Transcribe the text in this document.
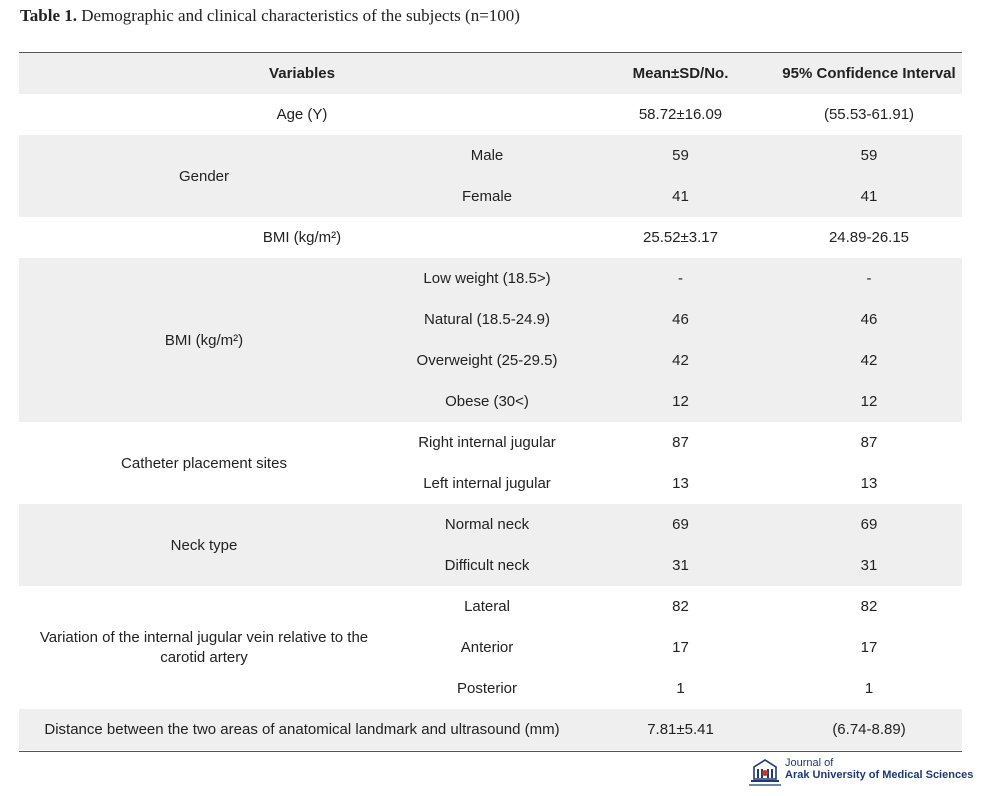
Table 1. Demographic and clinical characteristics of the subjects (n=100)
Variables		Mean±SD/No.	95% Confidence Interval
Age (Y)		58.72±16.09	(55.53-61.91)
Gender	Male	59	59
	Female	41	41
BMI (kg/m²)		25.52±3.17	24.89-26.15
BMI (kg/m²)	Low weight (18.5>)	-	-
	Natural (18.5-24.9)	46	46
	Overweight (25-29.5)	42	42
	Obese (30<)	12	12
Catheter placement sites	Right internal jugular	87	87
	Left internal jugular	13	13
Neck type	Normal neck	69	69
	Difficult neck	31	31
Variation of the internal jugular vein relative to the carotid artery	Lateral	82	82
	Anterior	17	17
	Posterior	1	1
Distance between the two areas of anatomical landmark and ultrasound (mm)		7.81±5.41	(6.74-8.89)
Journal of
Arak University of Medical Sciences
